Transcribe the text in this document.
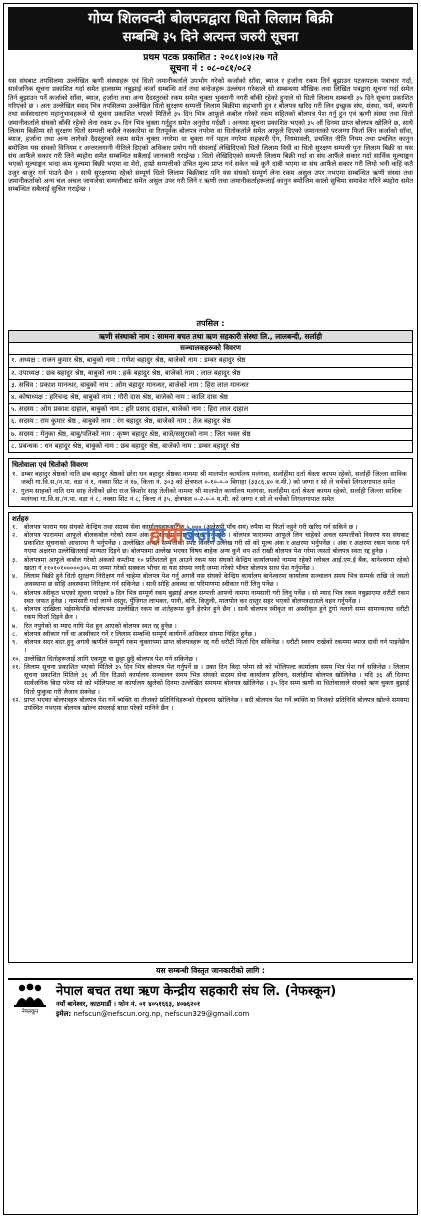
गोप्य शिलवन्दी बोलपत्रद्वारा धितो लिलाम बिक्री
सम्बन्धि ३५ दिने अत्यन्त जरुरी सूचना
प्रथम पटक प्रकाशित : २०८१।०४।२७ गते
सूचना नं : ०८-०८१/०८२
यस संघबाट तपसिलमा उल्लेखित ऋणी संस्थाहरू एवं धितो जमानीकर्ताले उपभोग गरेको कर्जाको साँवा, ब्याज र हर्जाना रकम तिर्न बुझाउन पटकपटक पत्राचार गर्दा, सार्वजनिक सूचना प्रकाशित गर्दा समेत हालसम्म नबुझाई कर्जा सम्बन्धि शर्त तथा बन्देजहरू उल्लंघन गरेकाले सो सम्बन्धमा मौखिक तथा लिखित पत्रद्वारा सूचना गर्दा समेत तिर्न बुझाउन पर्ने कर्जाको साँवा, ब्याज, हर्जाना तथा अन्य दैदस्तुरको रकम समेत चुक्ता भुक्तानी नगरी बाँकी रहेको हुनाले यो धितो लिलाम सम्बन्धी ३५ दिने सूचना प्रकाशित गरिएको छ । अतः उल्लेखित स्वाद भित्र तपसिलमा उल्लेखित धितो सुरक्षण सम्पत्ती लिलाम बिक्रीमा सहभागी हुन र बोलपत्र खरिद गरी लिन इच्छुक संघ, संस्था, फर्म, कम्पनी तथा सर्वसाधारण महानुभावहरूले यो सूचना प्रकाशित भएको मितिले ३५ दिन भित्र आफूले कबोल गरेको रकम सहितको बोलपत्र पेश गर्नु हुन एवं ऋणी संस्था तथा धितो जमानीकर्ताले संघको बाँकी रहेको लेना रकम ३५ दिन भित्र चुक्ता गर्नुहुन समेत अनुरोध गर्दछौं । अन्यथा सूचना प्रकाशित भएको ३५ औं दिनमा प्राप्त बोलपत्र खोलिने छ, साथै लिलाम बिक्रीमा सो सुरक्षण धितो सम्पत्ती कसैले नसकारेमा वा रितपूर्वक बोलपत्र नपरेमा वा धितोकर्ताले समेत आफूले दिएको जमानतको परजग्गा फिर्ता लिन कर्जाको साँवा, ब्याज, हर्जाना तथा अन्य लागेको दैदस्तुरको रकम समेत चुक्ता नगरेमा वा चुक्ता गर्न पहल नगरेमा सहकारी ऐन, नियमावली, प्रचलित नीति नियम तथा प्रचलित कानुन बमोजिम यस संघको विनियम र अन्तरलगानी नीतिले दिएको अधिकार प्रयोग गरी संघलाई लेखिदिएको धितो लिलाम विधी वा धितो सुरक्षण सम्पत्ती पुनः लिलाम बिक्री वा यस संघ आफैंले सकार गरी लिने ब्यहोरा समेत सम्बन्धित सबैलाई जानकारी गराईन्छ । धितो लेखिदिएको सम्पत्ती लिलाम बिक्री गर्दा वा संघ आफैंले सकार गर्दा सार्विक मूल्याङ्कन भएको मूल्याङ्कन भन्दा कम मूल्यमा बिक्री भएमा वा मेरो, हाम्रो सम्पत्तीको उचित मूल्य प्राप्त गर्न सकेन भन्ने कुनै दाबी भएमा वा संघ आफैंले सकार गरी लियो भनी कहिं कतै उजुर बाजुर गर्न पाउने छैन । साथै सुरक्षणमा रहेको सम्पूर्ण धितो लिलाम बिक्रीबाट पनि यस संघको सम्पूर्ण लेना रकम असुल उपर नभएमा सम्बन्धित ऋणी संस्था तथा जमानीकर्ताको अन्य चल अचल जायजेथा सम्पत्तीबाट समेत असुल उपर गरी लिने र ऋणी तथा जमानीकर्ताहरूलाई कानुन बमोजिम कालो सुचिमा समावेश गरिने ब्यहोरा समेत सम्बन्धित सबैलाई सुचित गराईन्छ ।
तपसिल :
ऋणी संस्थाको नाम : सामना बचत तथा ऋण सहकारी संस्था लि., लालबन्दी, सर्लाही
सञ्चालकहरूको विवरण
१. अध्यक्ष : राजन कुमार श्रेष्ठ, बाबुको नाम : गणेश बहादुर श्रेष्ठ, बाजेको नाम : डम्बर बहादुर श्रेष्ठ
२. उपाध्यक्ष : छब बहादुर श्रेष्ठ, बाबुको नाम : हर्क बहादुर श्रेष्ठ, बाजेको नाम : लाल बहादुर श्रेष्ठ
३. सचिव : प्रकाश मानन्धर, बाबुको नाम : ओम बहादुर मानन्धर, बाजेको नाम : हिरा लाल मानन्धर
४. कोषाध्यक्ष : हरिचन्द्र श्रेष्ठ, बाबुको नाम : गौरी दास श्रेष्ठ, बाजेको नाम : कालि दास श्रेष्ठ
५. सदस्य : ओम प्रकाश दाहाल, बाबुको नाम : हरि प्रसाद दाहाल, बाजेको नाम : हिरा लाल दाहाल
६. सदस्य : राम कुमार श्रेष्ठ , बाबुको नाम : रंग बहादुर श्रेष्ठ, बाजेको नाम : तेज बहादुर श्रेष्ठ
७. सदस्य : मेनुका श्रेष्ठ, बाबु/पतिको नाम : कृष्ण बहादुर श्रेष्ठ, बाजे/ससुराको नाम : जित भक्त श्रेष्ठ
८. प्रबन्धक : धन बहादुर श्रेष्ठ, बाबुको नाम : छब बहादुर श्रेष्ठ, बाजेको नाम : डम्बर बहादुर श्रेष्ठ
धितोवाला एवं धितोको विवरण
१. डम्बर बहादुर श्रेष्ठको नाति छब बहादुर श्रेष्ठको छोरा धन बहादुर श्रेष्ठका नाममा श्री मालपोत कार्यालय मलंगवा, सर्लाहीमा दर्ता श्रेस्ता कायम रहेको, सर्लाही जिल्ला साविक जब्दी गा.वि.स./न.पा. वडा नं १, नक्सा सिट नं १७, कित्ता नं. ३०३ को क्षेत्रफल ०-१०-०-० बिगाहा (३३८६.४० व.मी.) को जग्गा र सो ले चर्चेको लिगलगापात समेत
२. गुलम साहको नाति राम साह तेलीको छोरा राज किशोर साह तेलीको नाममा श्री मालपोत कार्यालय मलंगवा, सर्लाहीमा दर्ता श्रेस्ता कायम रहेको, सर्लाही जिल्ला साविक मलंगवा गा.वि.स./न.पा. वडा नं ८, नक्सा सिट नं ८, कित्ता नं ३५, क्षेत्रफल ०-२-०-० व.मी. को जग्गा र सो ले चर्चेको लिगलगापात समेत
हाम्रोबजार
शर्तहरु
१.	बोलपत्र फाराम यस संघको केन्द्रिय तथा सदस्य सेवा कार्यालयहरूबाट रु.५,००० (अक्षेरुपी पाँच सय) रुपैया मा फिर्ता नहुने गरी खरिद गर्न सकिने छ ।
२.	बोलपत्र फाराममा आफूले बोलकबोल गरेको रकम अंक र अक्षरमा स्पष्ट उल्लेख गर्नुपर्नेछ । बोलपत्र फाराममा आफूले लिन चाहेको अचल सम्पत्तीको विवरण यस संघबाट प्रकाशित सूचनाको आधारमा नै भर्नुपर्नेछ । उल्लेखित अचल सम्पत्तीको स्पष्ट विवरण उल्लेख गरी सो को मूल्य अंक र अक्षरमा भर्नुपर्नेछ । अंक र अक्षरमा रकम फरक पर्न गएमा अक्षरमा उल्लेखितलाई मान्यता दिइने छ। बोलपत्रमा उल्लेख भएका विषय बाहेक अन्य कुनै थप शर्त राखी बोलपत्र पेश गरेमा त्यस्तो बोलपत्र स्वतः रद्द हुनेछ ।
३.	बोलपत्रमा आफूले कबोल गरेको अंकको कम्तीमा १० प्रतिशतले हुन आउने रकम यस संघको केन्द्रिय कार्यालयको नाममा रहेको ग्लोबल आई.एम.ई बैंक, बानेश्वरमा रहेको खाता नं ११०१०१०००००३०५ मा जम्मा गरेको सक्कल भौचर वा यस संघमा नगदै जम्मा गरेको भौचर बोलपत्र साथ पेश गर्नुपर्नेछ ।
४.	लिलाम बिक्री हुने धितो सुरक्षण निरीक्षण गर्न चाहेमा बोलपत्र पेश गर्नु अगावै यस संघको केन्द्रिय कार्यालय बानेश्वरमा कार्यालय सञ्चालन समय भित्र सम्पर्क राखि जे जस्तो अवस्थामा छ सोहि अवस्थामा निरिक्षण गर्न सकिनेछ । साथै सोहि अवस्था वा परिमाणमा स्वीकार गरी लिनु पर्नेछ ।
५.	बोलपत्र स्वीकृत भएको सूचना पाएको ७ दिन भित्र सम्पूर्ण रकम बुझाई अचल सम्पत्ती आफ्नो नाममा नामसारी गरी लिनु पर्नेछ । सो म्याद भित्र रकम नबुझाएमा धरौटी रकम स्वत जफत हुनेछ । नामसारी गर्दा लाग्ने दस्तुर, पुँजिगत लाभकर, पानी, बत्ति, बिजुली, मालपोत कर दस्तुर सहर भएको बोलपत्रदाताले वहन गर्नुपर्नेछ ।
६.	बोलपत्र दाखिला भईसकेपछि बोलपत्रमा उल्लेखित रकम वा शर्तहरूमा कुनै हेरफेर हुने छैन । साथै बोलपत्र स्वीकृत वा अस्वीकृत हुने टुंगो नलागे सम्म सामान्यतया धरौटी रकम फिर्ता दिइने छैन ।
७.	रित नपुगेको वा म्याद नाघि पेश हुन आएको बोलपत्र स्वत रद्द हुनेछ ।
८.	बोलपत्र स्वीकार गर्ने वा अस्वीकार गर्ने र लिलाम सम्बन्धि सम्पूर्ण कार्यगर्ने अधिकार संघमा निहित हुनेछ ।
९.	बोलपत्र सदर बदर हुनु अगावै ऋणीले सम्पूर्ण रकम चुक्तापमा प्राप्त बोलपत्रहरू रद्द गरी धरौटी फिर्ता दिन सकिनेछ । धरौटी स्वरुप राखेको रकममा ब्याज दावी गर्न पाइनेछैन ।
१०. उल्लेखित धितोहरूलाई लागि एकमुष्ट वा छुट्टा छुट्टै बोलपत्र पेश गर्न सकिनेछ ।
११. लिलाम सूचना प्रकाशित भएको मितिले ३५ दिन भित्र बोलपत्र पेश गर्नुपर्ने छ । उक्त दिन बिदा परेमा सो को भोलिपल्ट कार्यालय समय भित्र पेश गर्न सकिनेछ । लिलाम सूचना प्रकाशित मितिले ३६ औं दिन दिउसो कार्यालय सञ्चालन समय भित्र संघको सदस्य सेवा कार्यालय हरिवन, सर्लाहीमा बोलपत्र खोलिनेछ । यदि ३६ औं दिनमा सार्वजनिक बिदा परेमा सो को भोलिपल्ट वा कार्यालय खुलेको दिनमा उल्लेखित समयमा बोलपत्र खोलिनेछ । ३५ दिन सम्म ऋणी वा धितोवालाले संघको ऋण चुक्ता बुझाई धितो फुकुवा गरी लैजान सक्नेछ ।
१२. प्राप्त भएका बोलपत्रहरु बोलपत्र पेश गर्ने ब्यक्ति वा तीजको प्रतिनिधिहरूको रोहबरमा खोलिनेछ । बदी बोलपत्र पेश गर्ने ब्यक्ति वा निजको प्रतिनिधि बोलपत्र खोल्ने समयमा उपस्थित नभएमा बोलपत्र खोल्न संघलाई बाधा परेको मानिने छैन ।
यस सम्बन्धी विस्तृत जानकारीको लागि :
नेफस्कून
नेपाल बचत तथा ऋण केन्द्रीय सहकारी संघ लि. (नेफस्कून)
नयाँ बानेश्वर, काठमाडौं । फोन नं. ०१ ४०५१६६३, ४०७६२०१
इमेल: nefscun@nefscun.org.np, nefscun329@gmail.com
